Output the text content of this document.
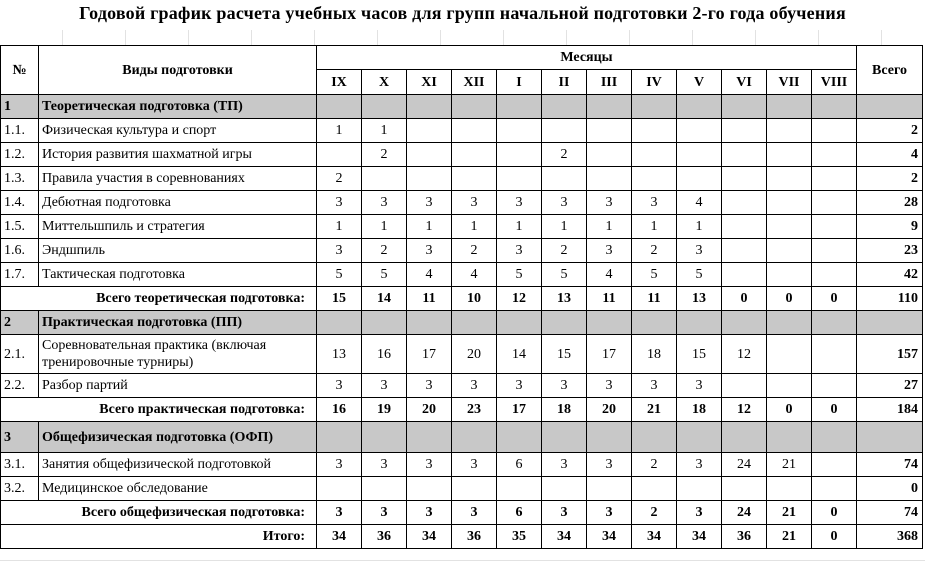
Годовой график расчета учебных часов для групп начальной подготовки 2-го года обучения
№	Виды подготовки	Месяцы												Всего
		IX	X	XI	XII	I	II	III	IV	V	VI	VII	VIII	
1	Теоретическая подготовка (ТП)													
1.1.	Физическая культура и спорт	1	1											2
1.2.	История развития шахматной игры		2				2							4
1.3.	Правила участия в соревнованиях	2												2
1.4.	Дебютная подготовка	3	3	3	3	3	3	3	3	4				28
1.5.	Миттельшпиль и стратегия	1	1	1	1	1	1	1	1	1				9
1.6.	Эндшпиль	3	2	3	2	3	2	3	2	3				23
1.7.	Тактическая подготовка	5	5	4	4	5	5	4	5	5				42
Всего теоретическая подготовка:		15	14	11	10	12	13	11	11	13	0	0	0	110
2	Практическая подготовка (ПП)													
2.1.	Соревновательная практика (включая тренировочные турниры)	13	16	17	20	14	15	17	18	15	12			157
2.2.	Разбор партий	3	3	3	3	3	3	3	3	3				27
Всего практическая подготовка:		16	19	20	23	17	18	20	21	18	12	0	0	184
3	Общефизическая подготовка (ОФП)													
3.1.	Занятия общефизической подготовкой	3	3	3	3	6	3	3	2	3	24	21		74
3.2.	Медицинское обследование													0
Всего общефизическая подготовка:		3	3	3	3	6	3	3	2	3	24	21	0	74
Итого:		34	36	34	36	35	34	34	34	34	36	21	0	368
